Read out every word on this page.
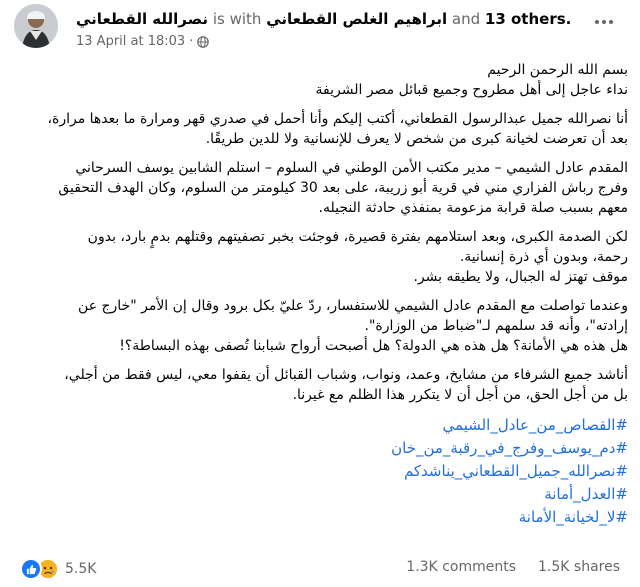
نصرالله القطعاني is with ابراهيم الغلص القطعاني and 13 others.
13 April at 18:03 ·

بسم الله الرحمن الرحيم
نداء عاجل إلى أهل مطروح وجميع قبائل مصر الشريفة

أنا نصرالله جميل عبدالرسول القطعاني، أكتب إليكم وأنا أحمل في صدري قهر ومرارة ما بعدها مرارة،
بعد أن تعرضت لخيانة كبرى من شخص لا يعرف للإنسانية ولا للدين طريقًا.

المقدم عادل الشيمي – مدير مكتب الأمن الوطني في السلوم – استلم الشابين يوسف السرحاني
وفرج رباش الفزاري مني في قرية أبو زريبة، على بعد 30 كيلومتر من السلوم، وكان الهدف التحقيق
معهم بسبب صلة قرابة مزعومة بمنفذي حادثة النجيله.

لكن الصدمة الكبرى، وبعد استلامهم بفترة قصيرة، فوجئت بخبر تصفيتهم وقتلهم بدمٍ بارد، بدون
رحمة، وبدون أي ذرة إنسانية.
موقف تهتز له الجبال، ولا يطيقه بشر.

وعندما تواصلت مع المقدم عادل الشيمي للاستفسار، ردّ عليّ بكل برود وقال إن الأمر "خارج عن
إرادته"، وأنه قد سلمهم لـ"ضباط من الوزارة".
هل هذه هي الأمانة؟ هل هذه هي الدولة؟ هل أصبحت أرواح شبابنا تُصفى بهذه البساطة؟!

أناشد جميع الشرفاء من مشايخ، وعمد، ونواب، وشباب القبائل أن يقفوا معي، ليس فقط من أجلي،
بل من أجل الحق، من أجل أن لا يتكرر هذا الظلم مع غيرنا.

#القصاص_من_عادل_الشيمي
#دم_يوسف_وفرج_في_رقبة_من_خان
#نصرالله_جميل_القطعاني_يناشدكم
#العدل_أمانة
#لا_لخيانة_الأمانة
5.5K	1.3K comments 1.5K shares
